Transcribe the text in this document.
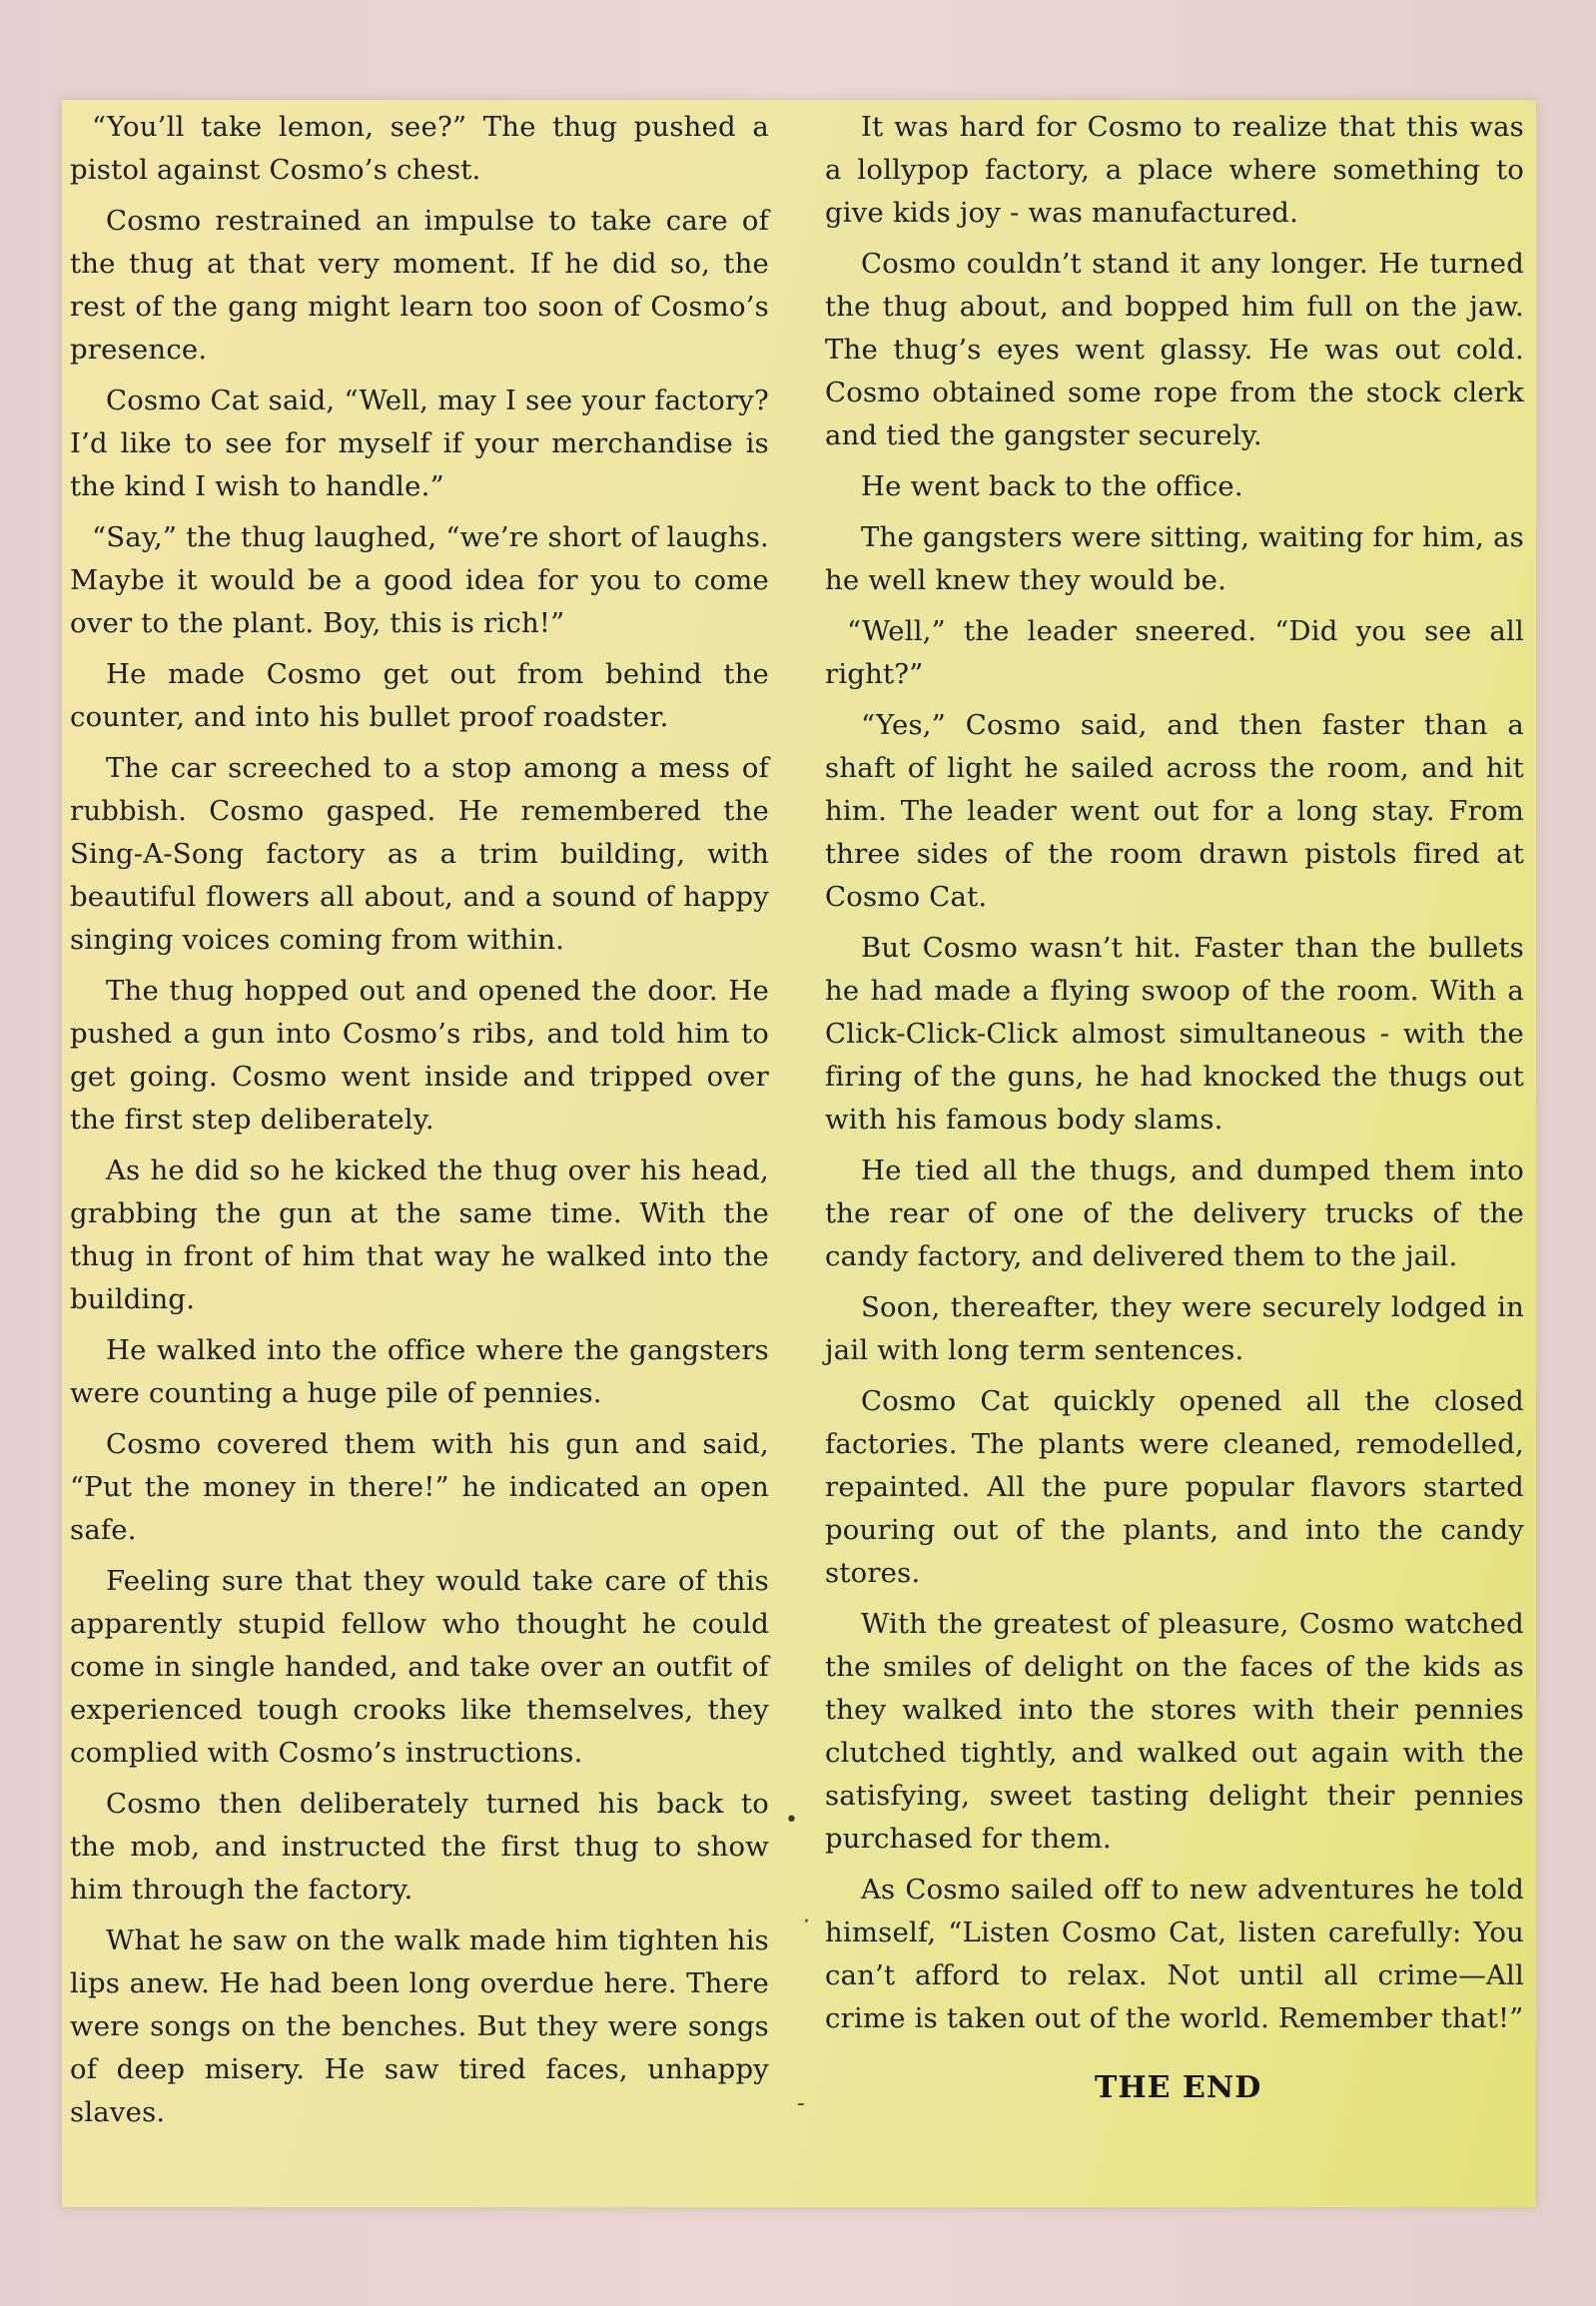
“You’ll take lemon, see?” The thug pushed a pistol against Cosmo’s chest.

Cosmo restrained an impulse to take care of the thug at that very moment. If he did so, the rest of the gang might learn too soon of Cosmo’s presence.

Cosmo Cat said, “Well, may I see your factory? I’d like to see for myself if your merchandise is the kind I wish to handle.”

“Say,” the thug laughed, “we’re short of laughs. Maybe it would be a good idea for you to come over to the plant. Boy, this is rich!”

He made Cosmo get out from behind the counter, and into his bullet proof roadster.

The car screeched to a stop among a mess of rubbish. Cosmo gasped. He remembered the Sing-A-Song factory as a trim building, with beautiful flowers all about, and a sound of happy singing voices coming from within.

The thug hopped out and opened the door. He pushed a gun into Cosmo’s ribs, and told him to get going. Cosmo went inside and tripped over the first step deliberately.

As he did so he kicked the thug over his head, grabbing the gun at the same time. With the thug in front of him that way he walked into the building.

He walked into the office where the gangsters were counting a huge pile of pennies.

Cosmo covered them with his gun and said, “Put the money in there!” he indicated an open safe.

Feeling sure that they would take care of this apparently stupid fellow who thought he could come in single handed, and take over an outfit of experienced tough crooks like themselves, they complied with Cosmo’s instructions.

Cosmo then deliberately turned his back to the mob, and instructed the first thug to show him through the factory.

What he saw on the walk made him tighten his lips anew. He had been long overdue here. There were songs on the benches. But they were songs of deep misery. He saw tired faces, unhappy slaves.

It was hard for Cosmo to realize that this was a lollypop factory, a place where something to give kids joy - was manufactured.

Cosmo couldn’t stand it any longer. He turned the thug about, and bopped him full on the jaw. The thug’s eyes went glassy. He was out cold. Cosmo obtained some rope from the stock clerk and tied the gangster securely.

He went back to the office.

The gangsters were sitting, waiting for him, as he well knew they would be.

“Well,” the leader sneered. “Did you see all right?”

“Yes,” Cosmo said, and then faster than a shaft of light he sailed across the room, and hit him. The leader went out for a long stay. From three sides of the room drawn pistols fired at Cosmo Cat.

But Cosmo wasn’t hit. Faster than the bullets he had made a flying swoop of the room. With a Click-Click-Click almost simultaneous - with the firing of the guns, he had knocked the thugs out with his famous body slams.

He tied all the thugs, and dumped them into the rear of one of the delivery trucks of the candy factory, and delivered them to the jail.

Soon, thereafter, they were securely lodged in jail with long term sentences.

Cosmo Cat quickly opened all the closed factories. The plants were cleaned, remodelled, repainted. All the pure popular flavors started pouring out of the plants, and into the candy stores.

With the greatest of pleasure, Cosmo watched the smiles of delight on the faces of the kids as they walked into the stores with their pennies clutched tightly, and walked out again with the satisfying, sweet tasting delight their pennies purchased for them.

As Cosmo sailed off to new adventures he told himself, “Listen Cosmo Cat, listen carefully: You can’t afford to relax. Not until all crime—All crime is taken out of the world. Remember that!”

THE END
•
·
-
